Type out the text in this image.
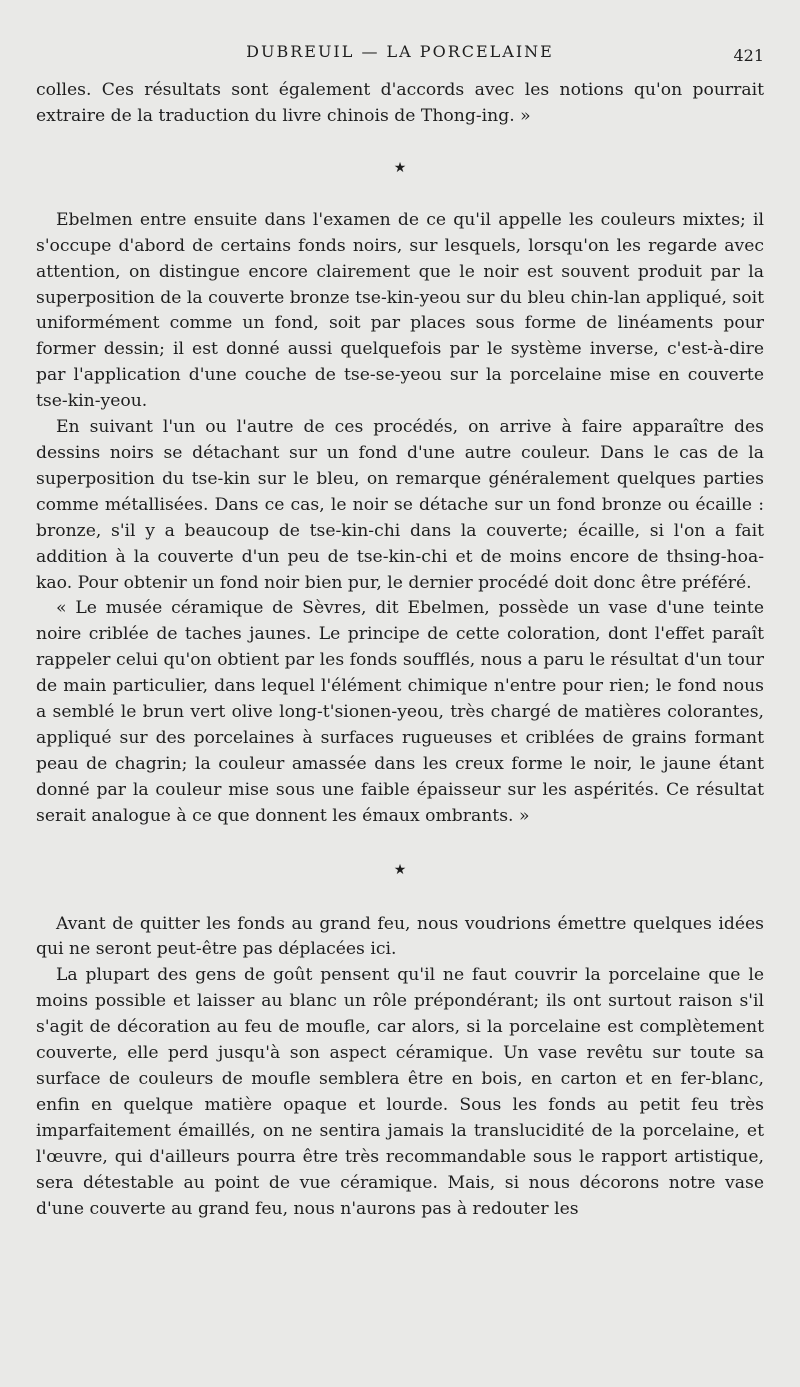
DUBREUIL — LA PORCELAINE	421

colles. Ces résultats sont également d'accords avec les notions qu'on pourrait extraire de la traduction du livre chinois de Thong-ing. »

★

Ebelmen entre ensuite dans l'examen de ce qu'il appelle les couleurs mixtes; il s'occupe d'abord de certains fonds noirs, sur lesquels, lorsqu'on les regarde avec attention, on distingue encore clairement que le noir est souvent produit par la superposition de la couverte bronze tse-kin-yeou sur du bleu chin-lan appliqué, soit uniformément comme un fond, soit par places sous forme de linéaments pour former dessin; il est donné aussi quelquefois par le système inverse, c'est-à-dire par l'application d'une couche de tse-se-yeou sur la porcelaine mise en couverte tse-kin-yeou.

En suivant l'un ou l'autre de ces procédés, on arrive à faire apparaître des dessins noirs se détachant sur un fond d'une autre couleur. Dans le cas de la superposition du tse-kin sur le bleu, on remarque généralement quelques parties comme métallisées. Dans ce cas, le noir se détache sur un fond bronze ou écaille : bronze, s'il y a beaucoup de tse-kin-chi dans la couverte; écaille, si l'on a fait addition à la couverte d'un peu de tse-kin-chi et de moins encore de thsing-hoa-kao. Pour obtenir un fond noir bien pur, le dernier procédé doit donc être préféré.

« Le musée céramique de Sèvres, dit Ebelmen, possède un vase d'une teinte noire criblée de taches jaunes. Le principe de cette coloration, dont l'effet paraît rappeler celui qu'on obtient par les fonds soufflés, nous a paru le résultat d'un tour de main particulier, dans lequel l'élément chimique n'entre pour rien; le fond nous a semblé le brun vert olive long-t'sionen-yeou, très chargé de matières colorantes, appliqué sur des porcelaines à surfaces rugueuses et criblées de grains formant peau de chagrin; la couleur amassée dans les creux forme le noir, le jaune étant donné par la couleur mise sous une faible épaisseur sur les aspérités. Ce résultat serait analogue à ce que donnent les émaux ombrants. »

★

Avant de quitter les fonds au grand feu, nous voudrions émettre quelques idées qui ne seront peut-être pas déplacées ici.

La plupart des gens de goût pensent qu'il ne faut couvrir la porcelaine que le moins possible et laisser au blanc un rôle prépondérant; ils ont surtout raison s'il s'agit de décoration au feu de moufle, car alors, si la porcelaine est complètement couverte, elle perd jusqu'à son aspect céramique. Un vase revêtu sur toute sa surface de couleurs de moufle semblera être en bois, en carton et en fer-blanc, enfin en quelque matière opaque et lourde. Sous les fonds au petit feu très imparfaitement émaillés, on ne sentira jamais la translucidité de la porcelaine, et l'œuvre, qui d'ailleurs pourra être très recommandable sous le rapport artistique, sera détestable au point de vue céramique. Mais, si nous décorons notre vase d'une couverte au grand feu, nous n'aurons pas à redouter les
